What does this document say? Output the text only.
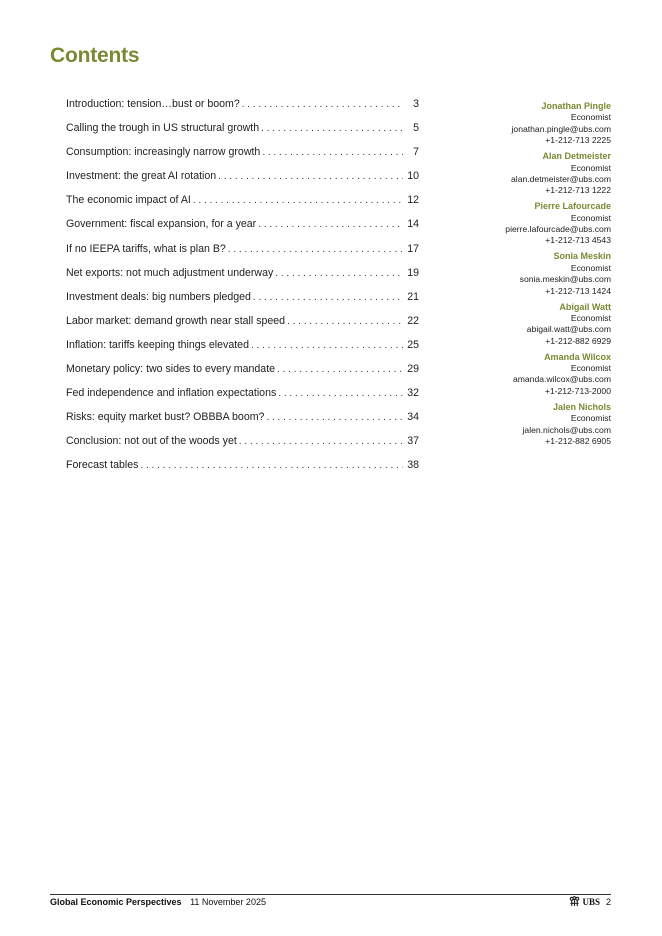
Contents
Introduction: tension…bust or boom? . . .	3
Calling the trough in US structural growth . . .	5
Consumption: increasingly narrow growth . . .	7
Investment: the great AI rotation . . .	10
The economic impact of AI . . .	12
Government: fiscal expansion, for a year . . .	14
If no IEEPA tariffs, what is plan B? . . .	17
Net exports: not much adjustment underway . . .	19
Investment deals: big numbers pledged . . .	21
Labor market: demand growth near stall speed . . .	22
Inflation: tariffs keeping things elevated . . .	25
Monetary policy: two sides to every mandate . . .	29
Fed independence and inflation expectations . . .	32
Risks: equity market bust? OBBBA boom? . . .	34
Conclusion: not out of the woods yet . . .	37
Forecast tables . . .	38
Jonathan Pingle
Economist
jonathan.pingle@ubs.com
+1-212-713 2225
Alan Detmeister
Economist
alan.detmeister@ubs.com
+1-212-713 1222
Pierre Lafourcade
Economist
pierre.lafourcade@ubs.com
+1-212-713 4543
Sonia Meskin
Economist
sonia.meskin@ubs.com
+1-212-713 1424
Abigail Watt
Economist
abigail.watt@ubs.com
+1-212-882 6929
Amanda Wilcox
Economist
amanda.wilcox@ubs.com
+1-212-713-2000
Jalen Nichols
Economist
jalen.nichols@ubs.com
+1-212-882 6905
Global Economic Perspectives 11 November 2025	UBS 2
